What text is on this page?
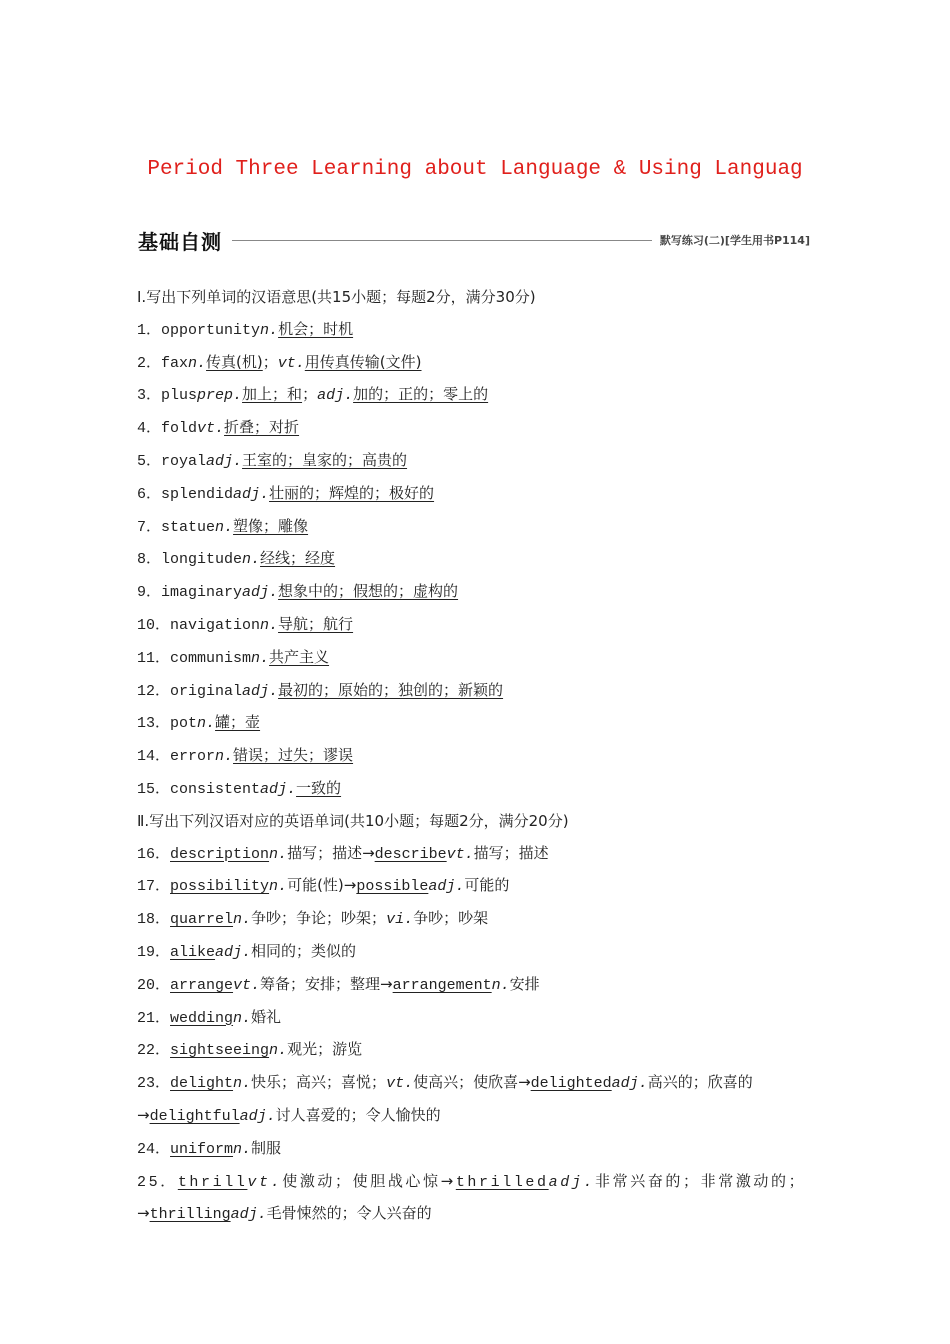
Period Three Learning about Language & Using Languag
基础自测	默写练习(二)[学生用书P114]
Ⅰ.写出下列单词的汉语意思(共15小题；每题2分，满分30分)
1．opportunityn.机会；时机
2．faxn.传真(机)；vt.用传真传输(文件)
3．plusprep.加上；和；adj.加的；正的；零上的
4．foldvt.折叠；对折
5．royaladj.王室的；皇家的；高贵的
6．splendidadj.壮丽的；辉煌的；极好的
7．statuen.塑像；雕像
8．longituden.经线；经度
9．imaginaryadj.想象中的；假想的；虚构的
10．navigationn.导航；航行
11．communismn.共产主义
12．originaladj.最初的；原始的；独创的；新颖的
13．potn.罐；壶
14．errorn.错误；过失；谬误
15．consistentadj.一致的
Ⅱ.写出下列汉语对应的英语单词(共10小题；每题2分，满分20分)
16．descriptionn.描写；描述→describevt.描写；描述
17．possibilityn.可能(性)→possibleadj.可能的
18．quarreln.争吵；争论；吵架；vi.争吵；吵架
19．alikeadj.相同的；类似的
20．arrangevt.筹备；安排；整理→arrangementn.安排
21．weddingn.婚礼
22．sightseeingn.观光；游览
23．delightn.快乐；高兴；喜悦；vt.使高兴；使欣喜→delightedadj.高兴的；欣喜的
→delightfuladj.讨人喜爱的；令人愉快的
24．uniformn.制服
25．thrillvt.使激动；使胆战心惊→thrilledadj.非常兴奋的；非常激动的；
→thrillingadj.毛骨悚然的；令人兴奋的
